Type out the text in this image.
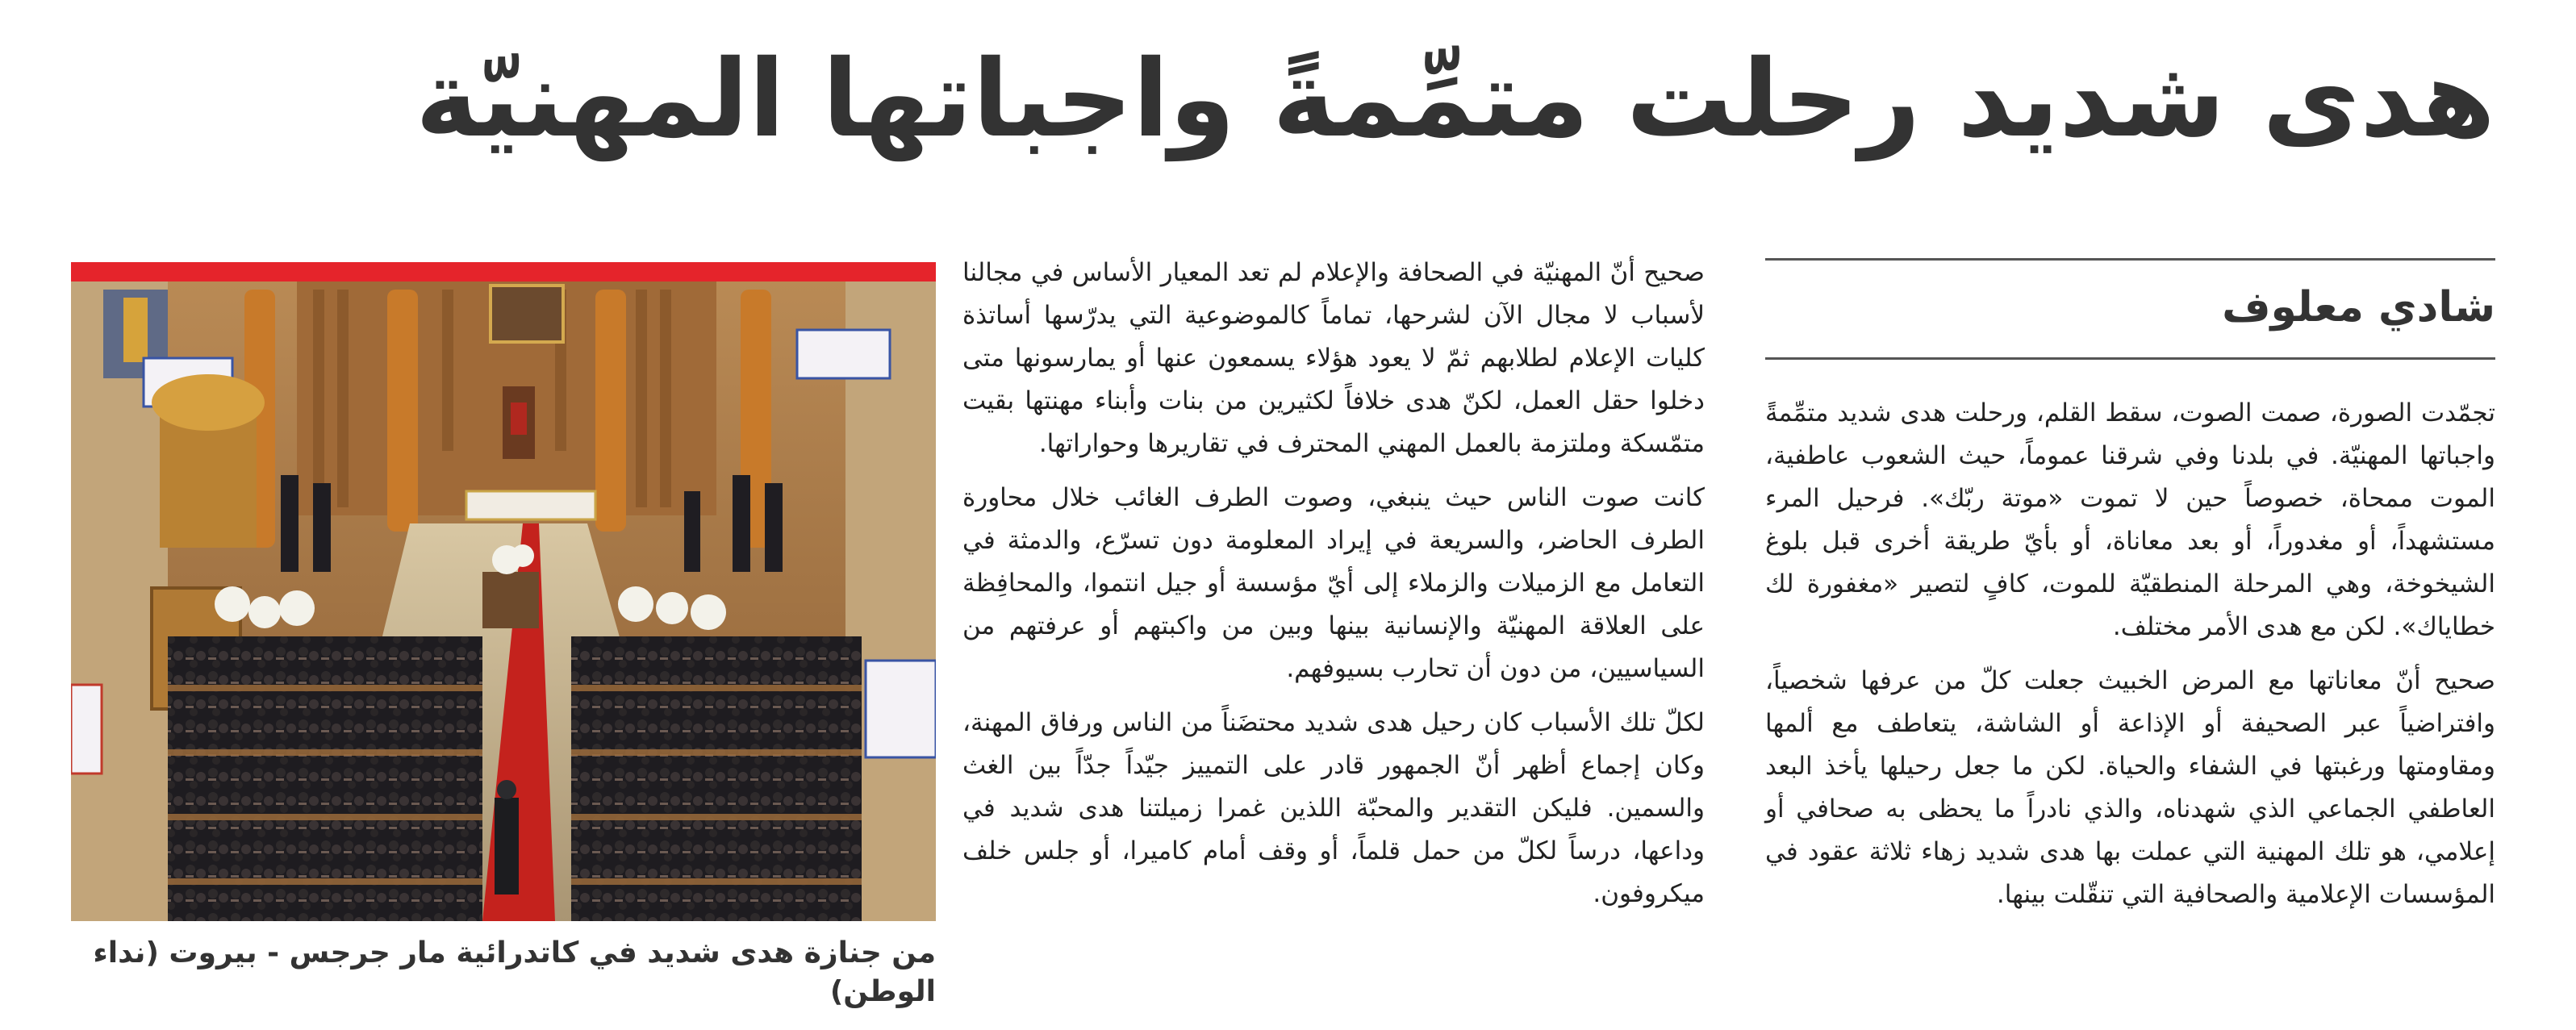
هدى شديد رحلت متمِّمةً واجباتها المهنيّة
شادي معلوف

تجمّدت الصورة، صمت الصوت، سقط القلم، ورحلت هدى شديد متمِّمةً واجباتها المهنيّة. في بلدنا وفي شرقنا عموماً، حيث الشعوب عاطفية، الموت ممحاة، خصوصاً حين لا تموت «موتة ربّك». فرحيل المرء مستشهداً، أو مغدوراً، أو بعد معاناة، أو بأيّ طريقة أخرى قبل بلوغ الشيخوخة، وهي المرحلة المنطقيّة للموت، كافٍ لتصير «مغفورة لك خطاياك». لكن مع هدى الأمر مختلف.

صحيح أنّ معاناتها مع المرض الخبيث جعلت كلّ من عرفها شخصياً، وافتراضياً عبر الصحيفة أو الإذاعة أو الشاشة، يتعاطف مع ألمها ومقاومتها ورغبتها في الشفاء والحياة. لكن ما جعل رحيلها يأخذ البعد العاطفي الجماعي الذي شهدناه، والذي نادراً ما يحظى به صحافي أو إعلامي، هو تلك المهنية التي عملت بها هدى شديد زهاء ثلاثة عقود في المؤسسات الإعلامية والصحافية التي تنقّلت بينها.

صحيح أنّ المهنيّة في الصحافة والإعلام لم تعد المعيار الأساس في مجالنا لأسباب لا مجال الآن لشرحها، تماماً كالموضوعية التي يدرّسها أساتذة كليات الإعلام لطلابهم ثمّ لا يعود هؤلاء يسمعون عنها أو يمارسونها متى دخلوا حقل العمل، لكنّ هدى خلافاً لكثيرين من بنات وأبناء مهنتها بقيت متمّسكة وملتزمة بالعمل المهني المحترف في تقاريرها وحواراتها.

كانت صوت الناس حيث ينبغي، وصوت الطرف الغائب خلال محاورة الطرف الحاضر، والسريعة في إيراد المعلومة دون تسرّع، والدمثة في التعامل مع الزميلات والزملاء إلى أيّ مؤسسة أو جيل انتموا، والمحافِظة على العلاقة المهنيّة والإنسانية بينها وبين من واكبتهم أو عرفتهم من السياسيين، من دون أن تحارب بسيوفهم.

لكلّ تلك الأسباب كان رحيل هدى شديد محتضَناً من الناس ورفاق المهنة، وكان إجماع أظهر أنّ الجمهور قادر على التمييز جيّداً جدّاً بين الغث والسمين. فليكن التقدير والمحبّة اللذين غمرا زميلتنا هدى شديد في وداعها، درساً لكلّ من حمل قلماً، أو وقف أمام كاميرا، أو جلس خلف ميكروفون.

من جنازة هدى شديد في كاتدرائية مار جرجس - بيروت (نداء الوطن)
